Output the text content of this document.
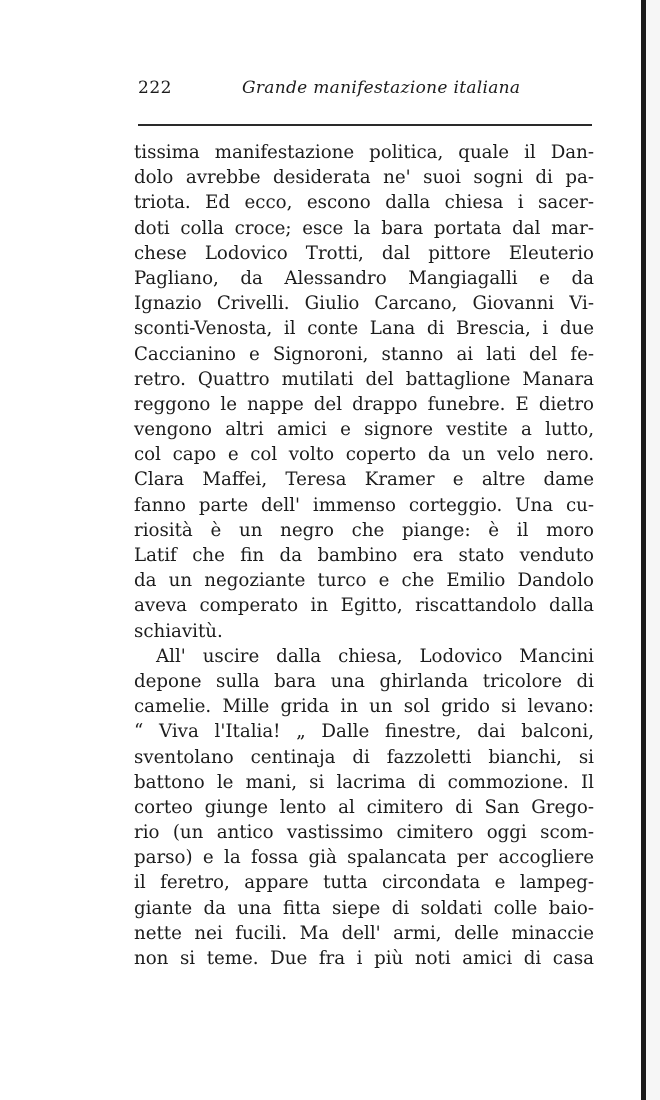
222	Grande manifestazione italiana
tissima manifestazione politica, quale il Dan-
dolo avrebbe desiderata ne' suoi sogni di pa-
triota. Ed ecco, escono dalla chiesa i sacer-
doti colla croce; esce la bara portata dal mar-
chese Lodovico Trotti, dal pittore Eleuterio
Pagliano, da Alessandro Mangiagalli e da
Ignazio Crivelli. Giulio Carcano, Giovanni Vi-
sconti-Venosta, il conte Lana di Brescia, i due
Caccianino e Signoroni, stanno ai lati del fe-
retro. Quattro mutilati del battaglione Manara
reggono le nappe del drappo funebre. E dietro
vengono altri amici e signore vestite a lutto,
col capo e col volto coperto da un velo nero.
Clara Maffei, Teresa Kramer e altre dame
fanno parte dell' immenso corteggio. Una cu-
riosità è un negro che piange: è il moro
Latif che fin da bambino era stato venduto
da un negoziante turco e che Emilio Dandolo
aveva comperato in Egitto, riscattandolo dalla
schiavitù.
All' uscire dalla chiesa, Lodovico Mancini
depone sulla bara una ghirlanda tricolore di
camelie. Mille grida in un sol grido si levano:
“ Viva l'Italia! „ Dalle finestre, dai balconi,
sventolano centinaja di fazzoletti bianchi, si
battono le mani, si lacrima di commozione. Il
corteo giunge lento al cimitero di San Grego-
rio (un antico vastissimo cimitero oggi scom-
parso) e la fossa già spalancata per accogliere
il feretro, appare tutta circondata e lampeg-
giante da una fitta siepe di soldati colle baio-
nette nei fucili. Ma dell' armi, delle minaccie
non si teme. Due fra i più noti amici di casa
